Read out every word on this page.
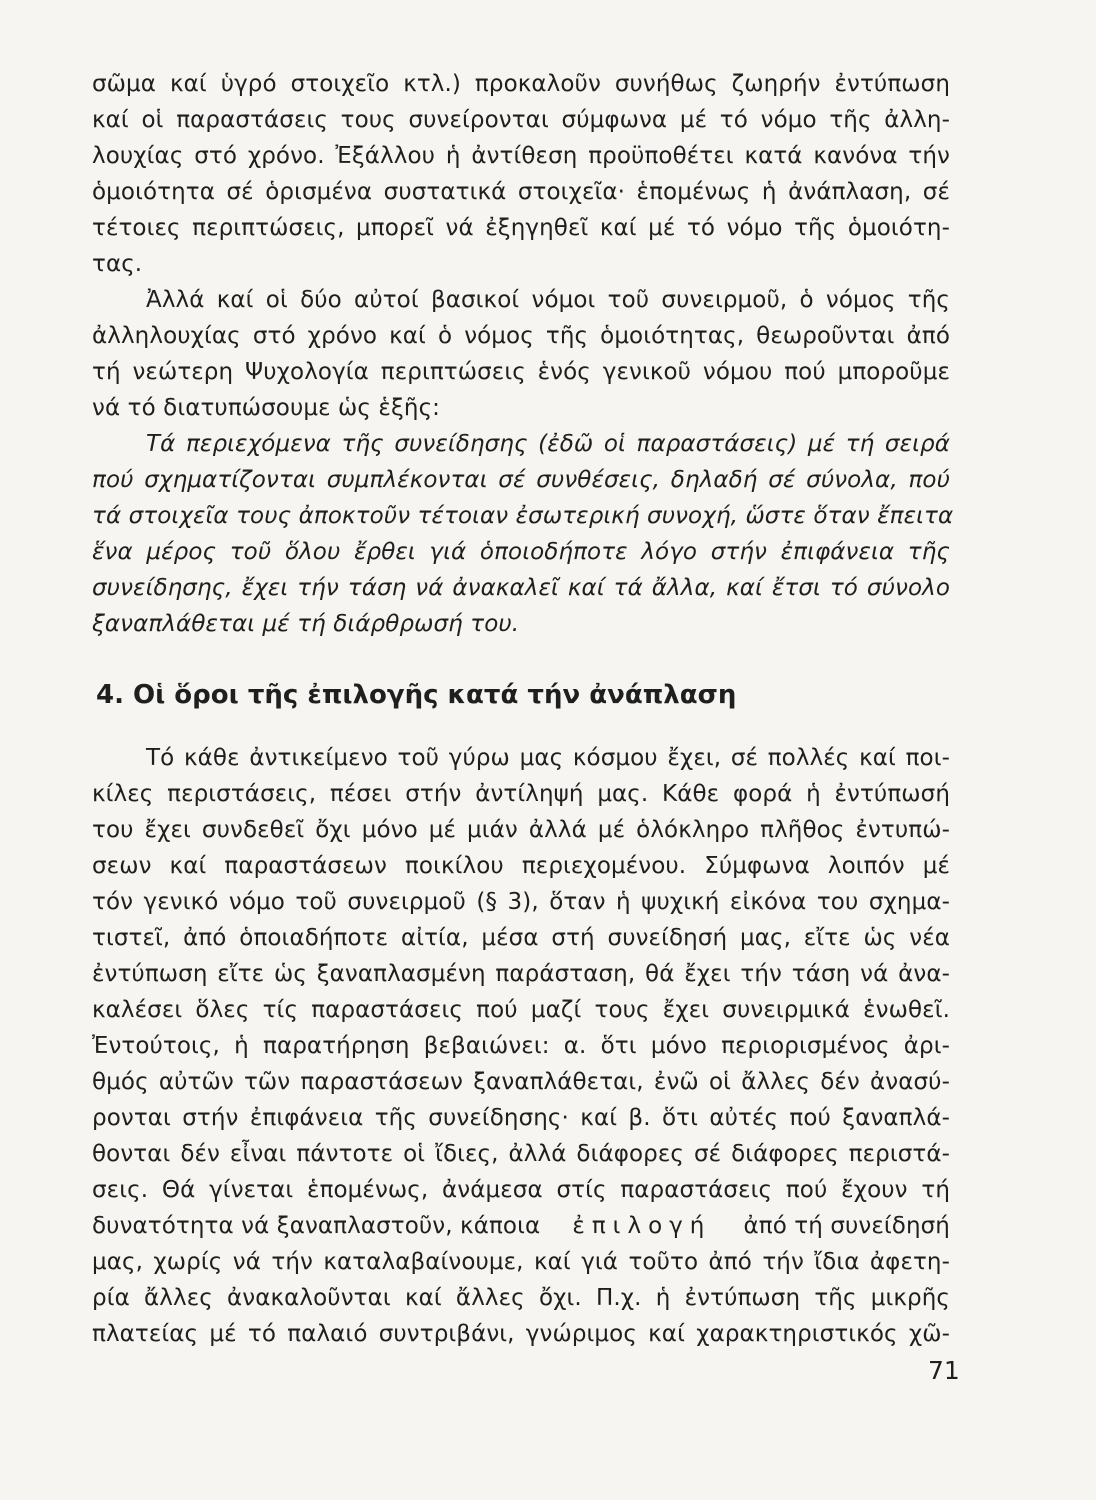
σῶμα καί ὑγρό στοιχεῖο κτλ.) προκαλοῦν συνήθως ζωηρήν ἐντύπωση
καί οἱ παραστάσεις τους συνείρονται σύμφωνα μέ τό νόμο τῆς ἀλλη-
λουχίας στό χρόνο. Ἐξάλλου ἡ ἀντίθεση προϋποθέτει κατά κανόνα τήν
ὁμοιότητα σέ ὁρισμένα συστατικά στοιχεῖα· ἑπομένως ἡ ἀνάπλαση, σέ
τέτοιες περιπτώσεις, μπορεῖ νά ἐξηγηθεῖ καί μέ τό νόμο τῆς ὁμοιότη-
τας.
Ἀλλά καί οἱ δύο αὐτοί βασικοί νόμοι τοῦ συνειρμοῦ, ὁ νόμος τῆς
ἀλληλουχίας στό χρόνο καί ὁ νόμος τῆς ὁμοιότητας, θεωροῦνται ἀπό
τή νεώτερη Ψυχολογία περιπτώσεις ἑνός γενικοῦ νόμου πού μποροῦμε
νά τό διατυπώσουμε ὡς ἑξῆς:
Τά περιεχόμενα τῆς συνείδησης (ἐδῶ οἱ παραστάσεις) μέ τή σειρά
πού σχηματίζονται συμπλέκονται σέ συνθέσεις, δηλαδή σέ σύνολα, πού
τά στοιχεῖα τους ἀποκτοῦν τέτοιαν ἐσωτερική συνοχή, ὥστε ὅταν ἔπειτα
ἕνα μέρος τοῦ ὅλου ἔρθει γιά ὁποιοδήποτε λόγο στήν ἐπιφάνεια τῆς
συνείδησης, ἔχει τήν τάση νά ἀνακαλεῖ καί τά ἄλλα, καί ἔτσι τό σύνολο
ξαναπλάθεται μέ τή διάρθρωσή του.
4. Οἱ ὅροι τῆς ἐπιλογῆς κατά τήν ἀνάπλαση
Τό κάθε ἀντικείμενο τοῦ γύρω μας κόσμου ἔχει, σέ πολλές καί ποι-
κίλες περιστάσεις, πέσει στήν ἀντίληψή μας. Κάθε φορά ἡ ἐντύπωσή
του ἔχει συνδεθεῖ ὄχι μόνο μέ μιάν ἀλλά μέ ὁλόκληρο πλῆθος ἐντυπώ-
σεων καί παραστάσεων ποικίλου περιεχομένου. Σύμφωνα λοιπόν μέ
τόν γενικό νόμο τοῦ συνειρμοῦ (§ 3), ὅταν ἡ ψυχική εἰκόνα του σχημα-
τιστεῖ, ἀπό ὁποιαδήποτε αἰτία, μέσα στή συνείδησή μας, εἴτε ὡς νέα
ἐντύπωση εἴτε ὡς ξαναπλασμένη παράσταση, θά ἔχει τήν τάση νά ἀνα-
καλέσει ὅλες τίς παραστάσεις πού μαζί τους ἔχει συνειρμικά ἑνωθεῖ.
Ἐντούτοις, ἡ παρατήρηση βεβαιώνει: α. ὅτι μόνο περιορισμένος ἀρι-
θμός αὐτῶν τῶν παραστάσεων ξαναπλάθεται, ἐνῶ οἱ ἄλλες δέν ἀνασύ-
ρονται στήν ἐπιφάνεια τῆς συνείδησης· καί β. ὅτι αὐτές πού ξαναπλά-
θονται δέν εἶναι πάντοτε οἱ ἴδιες, ἀλλά διάφορες σέ διάφορες περιστά-
σεις. Θά γίνεται ἑπομένως, ἀνάμεσα στίς παραστάσεις πού ἔχουν τή
δυνατότητα νά ξαναπλαστοῦν, κάποια ἐπιλογή ἀπό τή συνείδησή
μας, χωρίς νά τήν καταλαβαίνουμε, καί γιά τοῦτο ἀπό τήν ἴδια ἀφετη-
ρία ἄλλες ἀνακαλοῦνται καί ἄλλες ὄχι. Π.χ. ἡ ἐντύπωση τῆς μικρῆς
πλατείας μέ τό παλαιό συντριβάνι, γνώριμος καί χαρακτηριστικός χῶ-
71
